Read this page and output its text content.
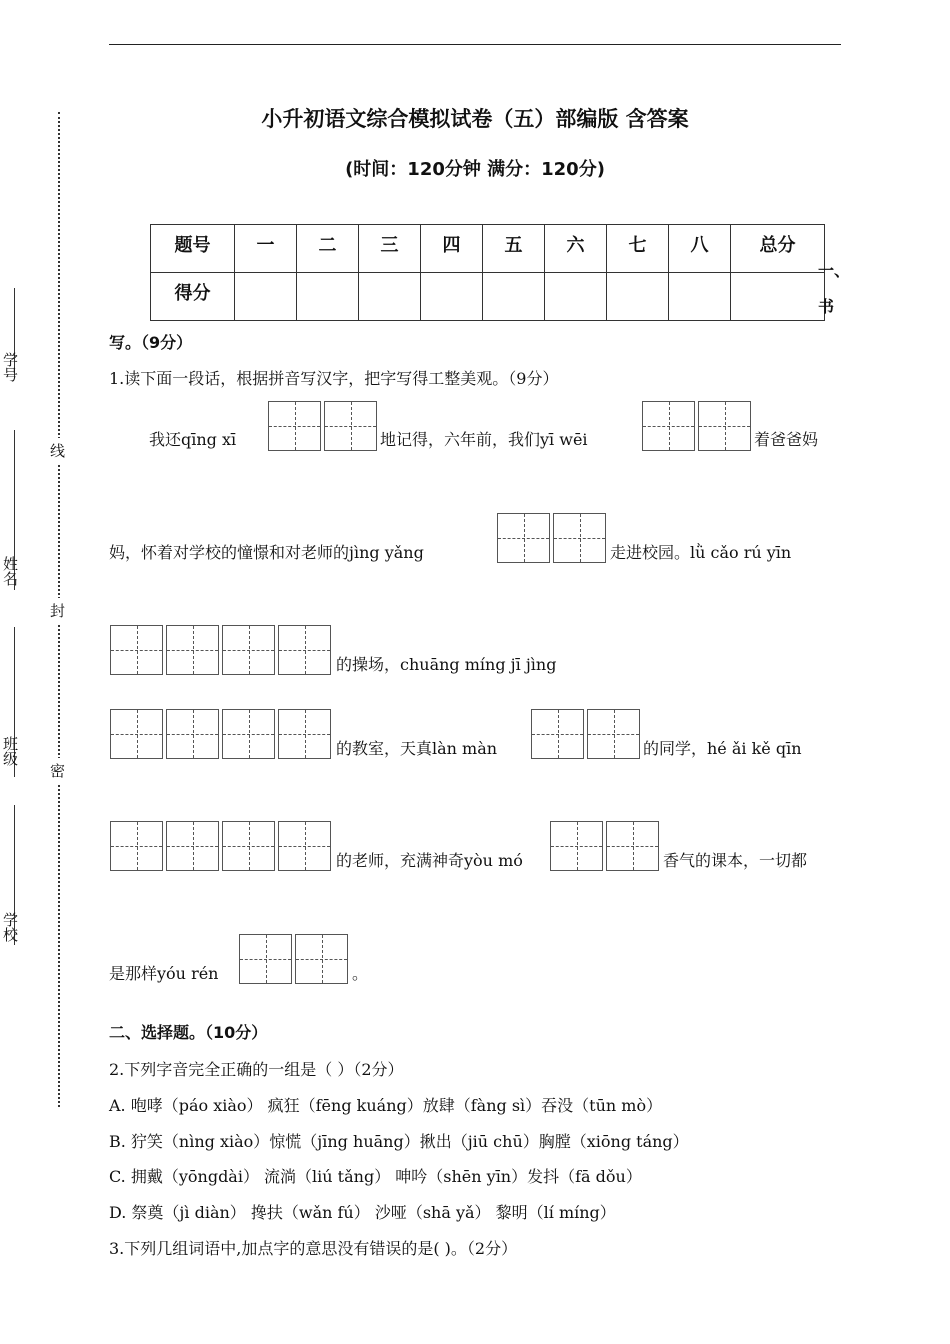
学号
姓名
班级
学校
线
封
密
小升初语文综合模拟试卷（五）部编版 含答案
(时间：120分钟 满分：120分)
题号	一	二	三	四	五	六	七	八	总分
得分									
一、
书
写。（9分）
1.读下面一段话，根据拼音写汉字，把字写得工整美观。（9分）
我还qīng xī	地记得，六年前，我们yī wēi	着爸爸妈
妈，怀着对学校的憧憬和对老师的jìng yǎng	走进校园。lǜ cǎo rú yīn
的操场，chuāng míng jī jìng
的教室，天真làn màn	的同学，hé ǎi kě qīn
的老师，充满神奇yòu mó	香气的课本，一切都
是那样yóu rén	。
二、选择题。（10分）
2.下列字音完全正确的一组是（ ）（2分）
A. 咆哮（páo xiào） 疯狂（fēng kuáng）放肆（fàng sì）吞没（tūn mò）
B. 狞笑（nìng xiào）惊慌（jīng huāng）揪出（jiū chū）胸膛（xiōng táng）
C. 拥戴（yōngdài） 流淌（liú tǎng） 呻吟（shēn yīn）发抖（fā dǒu）
D. 祭奠（jì diàn） 搀扶（wǎn fú） 沙哑（shā yǎ） 黎明（lí míng）
3.下列几组词语中,加点字的意思没有错误的是( )。（2分）
